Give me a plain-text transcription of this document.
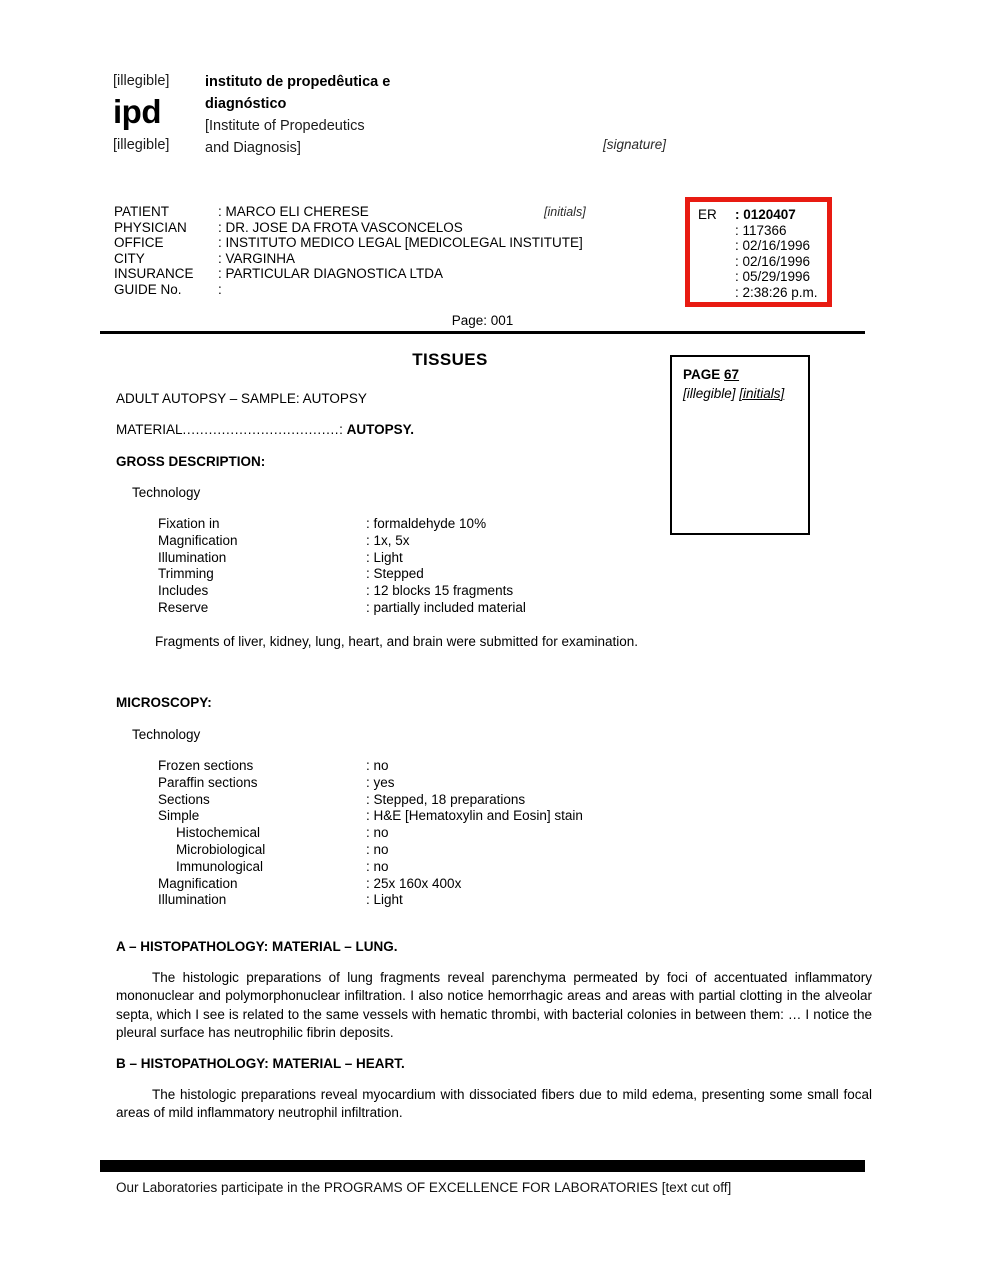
[illegible]
ipd
[illegible]
instituto de propedêutica e
diagnóstico
[Institute of Propedeutics
and Diagnosis]	[signature]
PATIENT	: MARCO ELI CHERESE
PHYSICIAN	: DR. JOSE DA FROTA VASCONCELOS
OFFICE	: INSTITUTO MEDICO LEGAL [MEDICOLEGAL INSTITUTE]
CITY	: VARGINHA
INSURANCE	: PARTICULAR DIAGNOSTICA LTDA
GUIDE No.	:
[initials]	ER	: 0120407
: 117366
: 02/16/1996
: 02/16/1996
: 05/29/1996
: 2:38:26 p.m.
Page: 001
TISSUES
PAGE 67
[illegible] [initials]
ADULT AUTOPSY – SAMPLE: AUTOPSY
MATERIAL....................................: AUTOPSY.
GROSS DESCRIPTION:
Technology
Fixation in	: formaldehyde 10%
Magnification	: 1x, 5x
Illumination	: Light
Trimming	: Stepped
Includes	: 12 blocks 15 fragments
Reserve	: partially included material
Fragments of liver, kidney, lung, heart, and brain were submitted for examination.
MICROSCOPY:
Technology
Frozen sections	: no
Paraffin sections	: yes
Sections	: Stepped, 18 preparations
Simple	: H&E [Hematoxylin and Eosin] stain
Histochemical	: no
Microbiological	: no
Immunological	: no
Magnification	: 25x 160x 400x
Illumination	: Light
A – HISTOPATHOLOGY: MATERIAL – LUNG.
The histologic preparations of lung fragments reveal parenchyma permeated by foci of accentuated inflammatory mononuclear and polymorphonuclear infiltration. I also notice hemorrhagic areas and areas with partial clotting in the alveolar septa, which I see is related to the same vessels with hematic thrombi, with bacterial colonies in between them: … I notice the pleural surface has neutrophilic fibrin deposits.
B – HISTOPATHOLOGY: MATERIAL – HEART.
The histologic preparations reveal myocardium with dissociated fibers due to mild edema, presenting some small focal areas of mild inflammatory neutrophil infiltration.
Our Laboratories participate in the PROGRAMS OF EXCELLENCE FOR LABORATORIES [text cut off]
